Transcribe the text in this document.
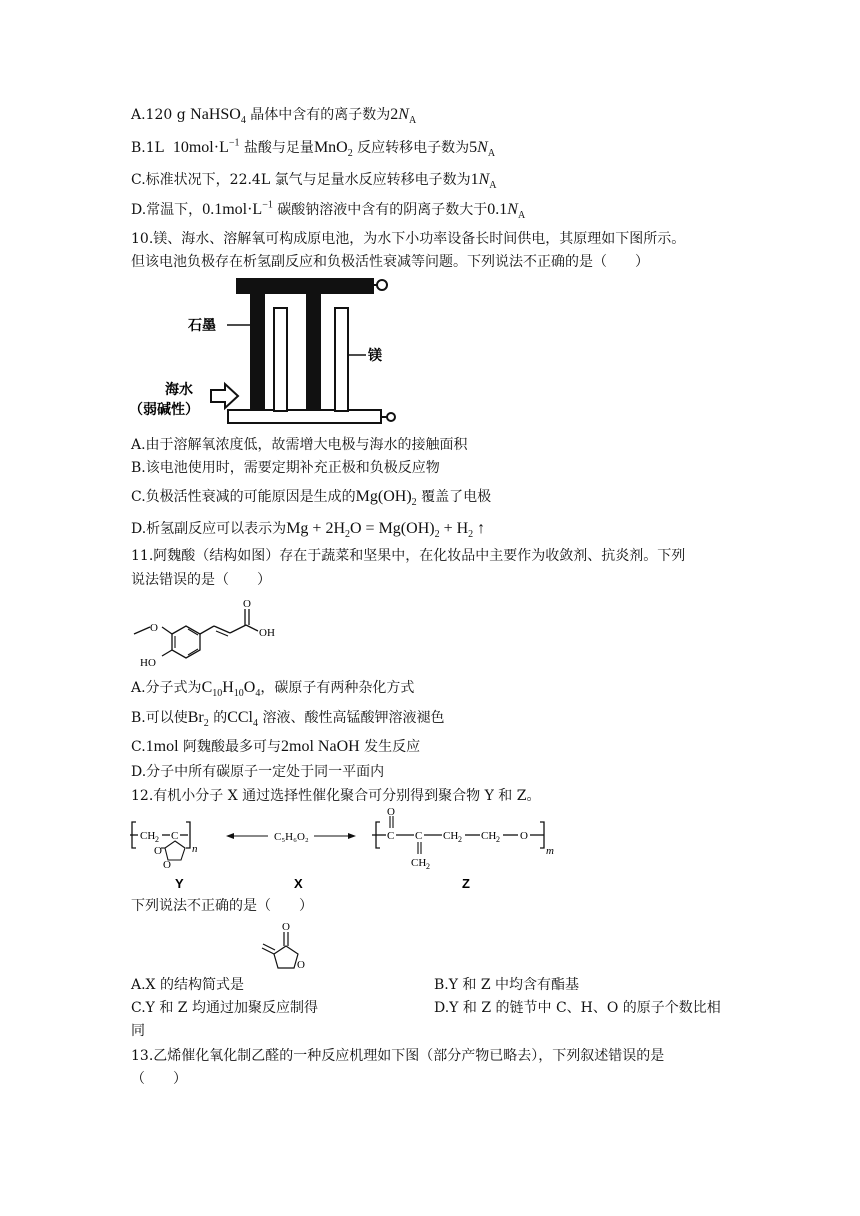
A.120 g NaHSO$_4$ 晶体中含有的离子数为$2N_A$
B.1L  $10mol\cdot L^{-1}$ 盐酸与足量MnO$_2$ 反应转移电子数为$5N_A$
C.标准状况下，22.4L 氯气与足量水反应转移电子数为$1N_A$
D.常温下，$0.1mol\cdot L^{-1}$ 碳酸钠溶液中含有的阴离子数大于$0.1N_A$
10.镁、海水、溶解氧可构成原电池，为水下小功率设备长时间供电，其原理如下图所示。
但该电池负极存在析氢副反应和负极活性衰减等问题。下列说法不正确的是（　　）
石墨
镁
海水
（弱碱性）
A.由于溶解氧浓度低，故需增大电极与海水的接触面积
B.该电池使用时，需要定期补充正极和负极反应物
C.负极活性衰减的可能原因是生成的$Mg(OH)_2$ 覆盖了电极
D.析氢副反应可以表示为$Mg + 2H_2O = Mg(OH)_2 + H_2$ ↑
11.阿魏酸（结构如图）存在于蔬菜和坚果中，在化妆品中主要作为收敛剂、抗炎剂。下列
说法错误的是（　　）
O
O
OH
HO
A.分子式为$C_{10}H_{10}O_4$，碳原子有两种杂化方式
B.可以使$Br_2$ 的CCl$_4$ 溶液、酸性高锰酸钾溶液褪色
C.1mol 阿魏酸最多可与2mol NaOH 发生反应
D.分子中所有碳原子一定处于同一平面内
12.有机小分子 X 通过选择性催化聚合可分别得到聚合物 Y 和 Z。
CH 2 C
n
O
O
Y
C₅H₆O₂
X
C
O
C
CH 2
CH 2 CH 2 O
m
Z
下列说法不正确的是（　　）
O
O
A.X 的结构简式是	B.Y 和 Z 中均含有酯基
C.Y 和 Z 均通过加聚反应制得	D.Y 和 Z 的链节中 C、H、O 的原子个数比相
同
13.乙烯催化氧化制乙醛的一种反应机理如下图（部分产物已略去），下列叙述错误的是
（　　）
